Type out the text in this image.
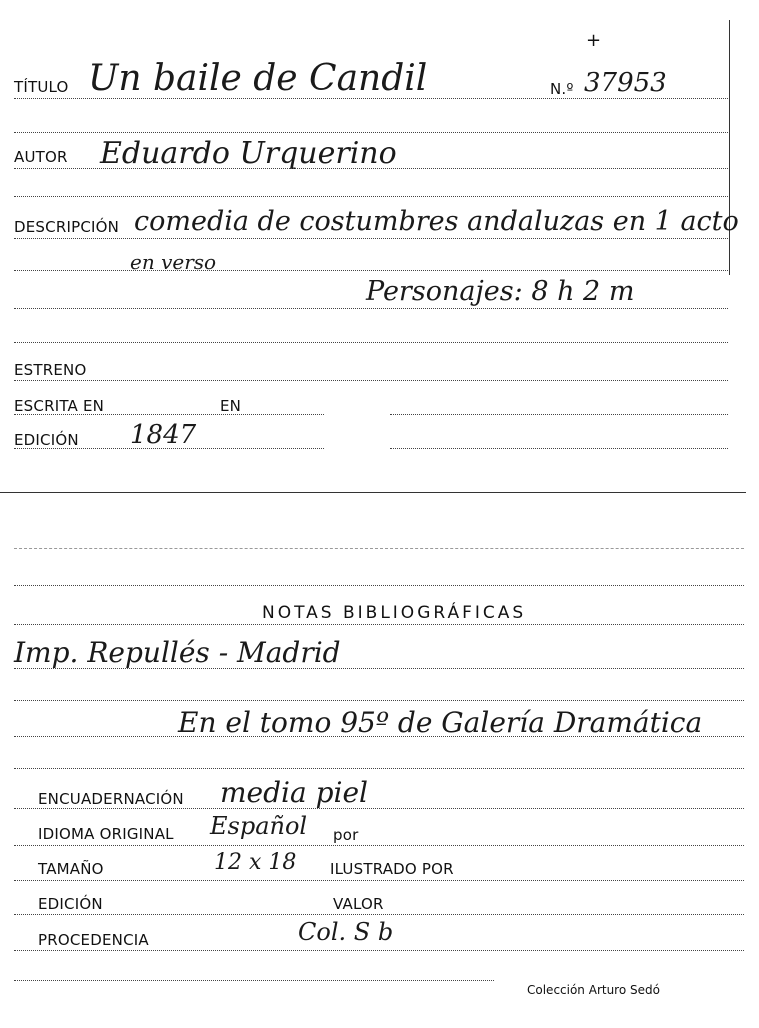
+
TÍTULO Un baile de Candil	N.º 37953
AUTOR Eduardo Urquerino
DESCRIPCIÓN comedia de costumbres andaluzas en 1 acto
en verso
Personajes: 8 h 2 m
ESTRENO
ESCRITA EN	EN
EDICIÓN 1847
NOTAS BIBLIOGRÁFICAS
Imp. Repullés - Madrid
En el tomo 95º de Galería Dramática
ENCUADERNACIÓN media piel
IDIOMA ORIGINAL Español por
TAMAÑO	12 x 18 ILUSTRADO POR
EDICIÓN	VALOR
PROCEDENCIA	Col. S b
Colección Arturo Sedó
